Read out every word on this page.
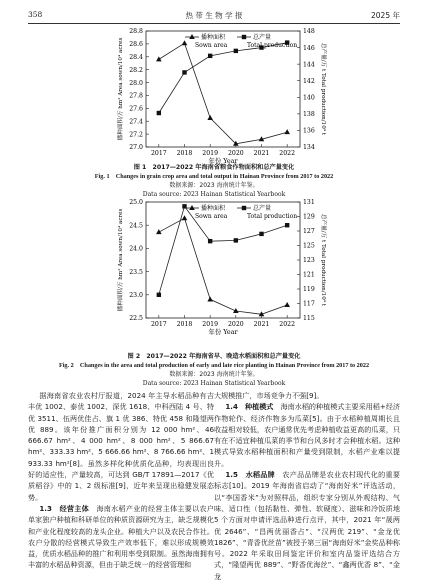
358	热 带 生 物 学 报	2025 年
27.0
27.2
27.4
27.6
27.8
28.0
28.2
28.4
28.6
28.8
134
136
138
140
142
144
146
148
2017 2018 2019 2020 2021 2022
年份 Year
播种面积/万 hm² Area sown/10⁴ acres	总产量/万 t Total production/10⁴ t
播种面积
Sown area
总产量
Total production
图 1　2017—2022 年海南省粮食作物面积和总产量变化
Fig. 1　Changes in grain crop area and total output in Hainan Province from 2017 to 2022
数据来源：2023 海南统计年鉴。
Data source: 2023 Hainan Statistical Yearbook
22.5
23.0
23.5
24.0
24.5
25.0
115
117
119
121
123
125
127
129
131
2017 2018 2019 2020 2021 2022
年份 Year
播种面积/万 hm² Area sown/10⁴ acres	总产量/万 t Total production/10⁴ t
播种面积
Sown area
总产量
Total production
图 2　2017—2022 年海南省早、晚造水稻面积和总产量变化
Fig. 2　Changes in the area and total production of early and late rice planting in Hainan Province from 2017 to 2022
数据来源：2023 海南统计年鉴。
Data source: 2023 Hainan Statistical Yearbook

据海南省农业农村厅报道，2024 年主导水稻品种有吉丰优 1002、泰优 1002、深优 1618、中科西陆 4 号、特优 3511、伍两优佳占、旗 1 优 386、特优 458 和隆望两优 889。该年份推广面积分别为 12 000 hm²、46 666.67 hm²、4 000 hm²、8 000 hm²、5 866.67 hm²、333.33 hm²、5 666.66 hm²、8 766.66 hm²、1 933.33 hm²[8]。虽然多样化种优质化品种，均表现出良好的适应性，产量较高，可达到 GB/T 17891—2017《优质稻谷》中的 1、2 级标准[9]，近年来呈现出稳健发展态势。

1.3　经营主体　 海南水稻产业的经营主体主要以农户单家独户种植和科研单位的种质资源研究为主，缺乏规模化和产业化程度较高的龙头企业。种植大户以及农民合作社。农户分散的经营模式导致生产效率低下，难以形成规模效益，优质水稻品种的推广和利用率受到限制。虽然海南拥有丰富的水稻品种资源，但由于缺乏统一的经营管理和

大规模推广，市场竞争力不强[9]。

1.4　种植模式　 海南水稻的种植模式主要采用稻+经济作物轮作、经济作物多为瓜菜[5]。由于水稻种植周期长且收益相对较低，农户通常优先考虑种植收益更高的瓜菜，只有在不适宜种植瓜菜的季节和台风多时才会种植水稻。这种模式导致水稻种植面积和产量受到限制，水稻产业难以提升。

1.5　水稻品牌　 农产品品牌是农业农村现代化的重要标志[10]。2019 年海南省启动了“海南好米”评选活动，以“李国香米”为对照样品，组织专家分别从外观结构、气味、适口性（包括黏性、弹性、软硬度）、滋味和冷饭质地 5 个方面对申请评选品种进行点评，其中，2021 年“晟两优 2646”、“昌两优丽香占”、“汉两优 219”、“金龙优 1826”、“青香优丝苗”被授予第三届“海南好米”金奖品种称号。2022 年采取田间鉴定评价和室内品鉴评选结合方式，“隆望两优 889”、“野香优海丝”、“鑫两优香 8”、“金龙
